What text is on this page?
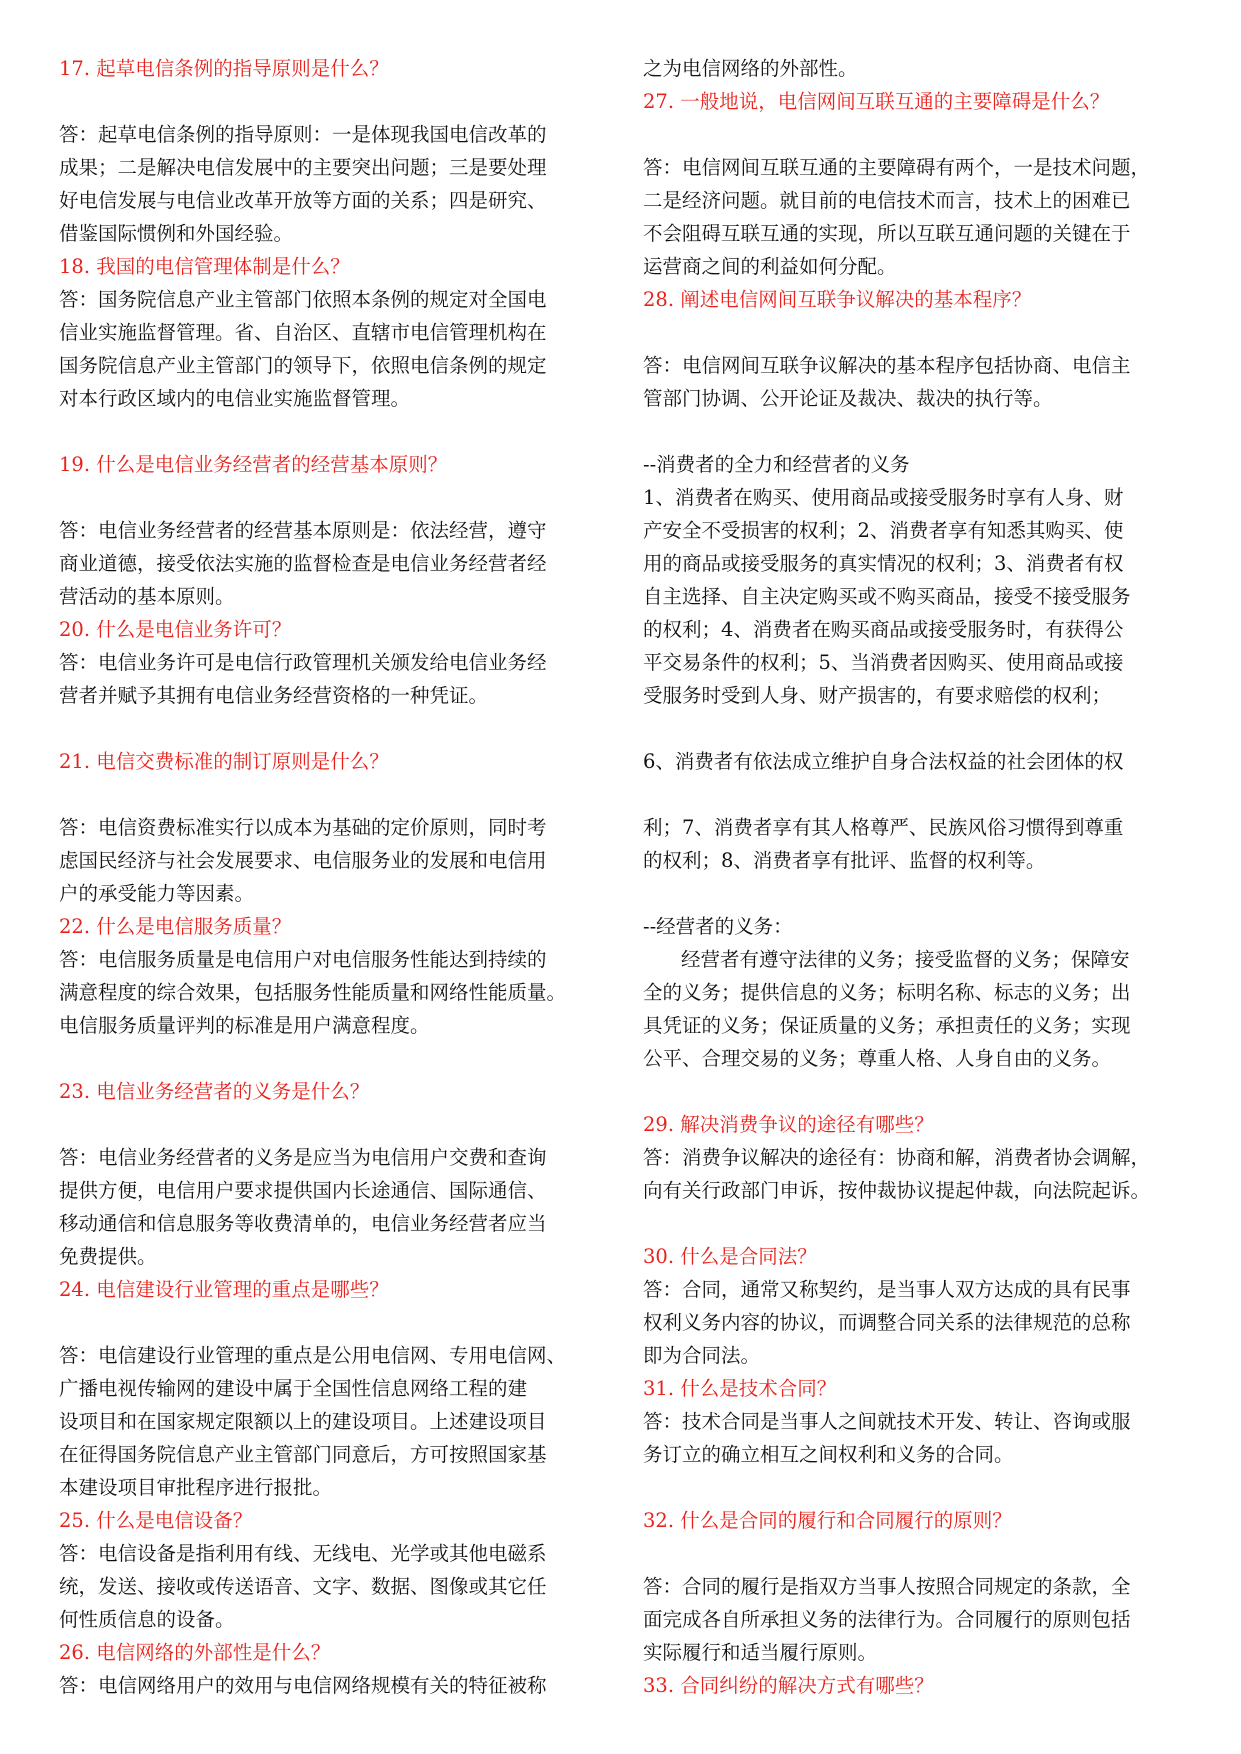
17. 起草电信条例的指导原则是什么？
答：起草电信条例的指导原则：一是体现我国电信改革的
成果；二是解决电信发展中的主要突出问题；三是要处理
好电信发展与电信业改革开放等方面的关系；四是研究、
借鉴国际惯例和外国经验。
18. 我国的电信管理体制是什么？
答：国务院信息产业主管部门依照本条例的规定对全国电
信业实施监督管理。省、自治区、直辖市电信管理机构在
国务院信息产业主管部门的领导下，依照电信条例的规定
对本行政区域内的电信业实施监督管理。
19. 什么是电信业务经营者的经营基本原则？
答：电信业务经营者的经营基本原则是：依法经营，遵守
商业道德，接受依法实施的监督检查是电信业务经营者经
营活动的基本原则。
20. 什么是电信业务许可？
答：电信业务许可是电信行政管理机关颁发给电信业务经
营者并赋予其拥有电信业务经营资格的一种凭证。
21. 电信交费标准的制订原则是什么？
答：电信资费标准实行以成本为基础的定价原则，同时考
虑国民经济与社会发展要求、电信服务业的发展和电信用
户的承受能力等因素。
22. 什么是电信服务质量？
答：电信服务质量是电信用户对电信服务性能达到持续的
满意程度的综合效果，包括服务性能质量和网络性能质量。
电信服务质量评判的标准是用户满意程度。
23. 电信业务经营者的义务是什么？
答：电信业务经营者的义务是应当为电信用户交费和查询
提供方便，电信用户要求提供国内长途通信、国际通信、
移动通信和信息服务等收费清单的，电信业务经营者应当
免费提供。
24. 电信建设行业管理的重点是哪些？
答：电信建设行业管理的重点是公用电信网、专用电信网、
广播电视传输网的建设中属于全国性信息网络工程的建
设项目和在国家规定限额以上的建设项目。上述建设项目
在征得国务院信息产业主管部门同意后，方可按照国家基
本建设项目审批程序进行报批。
25. 什么是电信设备？
答：电信设备是指利用有线、无线电、光学或其他电磁系
统，发送、接收或传送语音、文字、数据、图像或其它任
何性质信息的设备。
26. 电信网络的外部性是什么？
答：电信网络用户的效用与电信网络规模有关的特征被称
之为电信网络的外部性。
27. 一般地说，电信网间互联互通的主要障碍是什么？
答：电信网间互联互通的主要障碍有两个，一是技术问题，
二是经济问题。就目前的电信技术而言，技术上的困难已
不会阻碍互联互通的实现，所以互联互通问题的关键在于
运营商之间的利益如何分配。
28. 阐述电信网间互联争议解决的基本程序？
答：电信网间互联争议解决的基本程序包括协商、电信主
管部门协调、公开论证及裁决、裁决的执行等。
--消费者的全力和经营者的义务
1、消费者在购买、使用商品或接受服务时享有人身、财
产安全不受损害的权利；2、消费者享有知悉其购买、使
用的商品或接受服务的真实情况的权利；3、消费者有权
自主选择、自主决定购买或不购买商品，接受不接受服务
的权利；4、消费者在购买商品或接受服务时，有获得公
平交易条件的权利；5、当消费者因购买、使用商品或接
受服务时受到人身、财产损害的，有要求赔偿的权利；
6、消费者有依法成立维护自身合法权益的社会团体的权
利；7、消费者享有其人格尊严、民族风俗习惯得到尊重
的权利；8、消费者享有批评、监督的权利等。
--经营者的义务：
经营者有遵守法律的义务；接受监督的义务；保障安
全的义务；提供信息的义务；标明名称、标志的义务；出
具凭证的义务；保证质量的义务；承担责任的义务；实现
公平、合理交易的义务；尊重人格、人身自由的义务。
29. 解决消费争议的途径有哪些？
答：消费争议解决的途径有：协商和解，消费者协会调解，
向有关行政部门申诉，按仲裁协议提起仲裁，向法院起诉。
30. 什么是合同法？
答：合同，通常又称契约，是当事人双方达成的具有民事
权利义务内容的协议，而调整合同关系的法律规范的总称
即为合同法。
31. 什么是技术合同？
答：技术合同是当事人之间就技术开发、转让、咨询或服
务订立的确立相互之间权利和义务的合同。
32. 什么是合同的履行和合同履行的原则？
答：合同的履行是指双方当事人按照合同规定的条款，全
面完成各自所承担义务的法律行为。合同履行的原则包括
实际履行和适当履行原则。
33. 合同纠纷的解决方式有哪些？
